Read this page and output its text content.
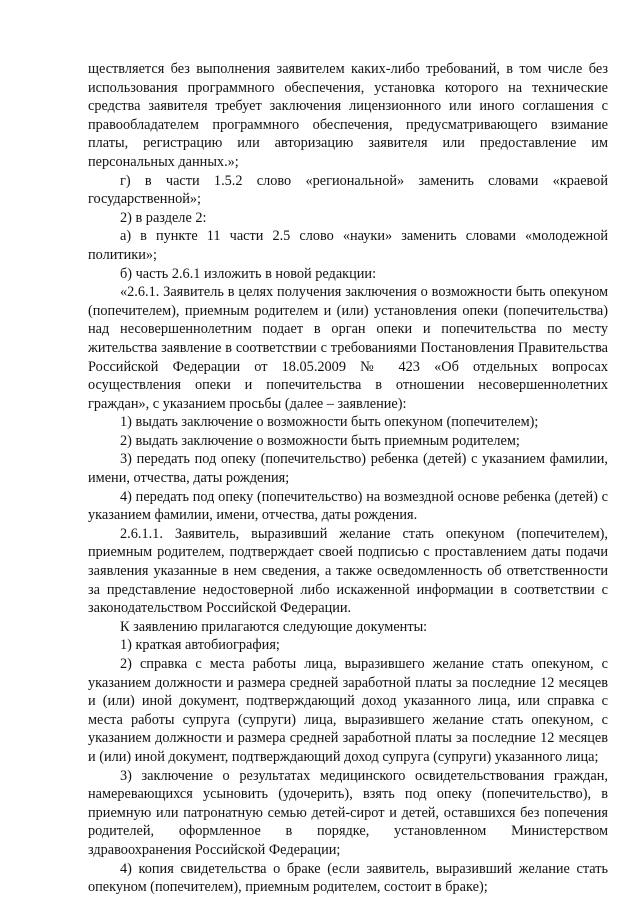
ществляется без выполнения заявителем каких-либо требований, в том числе без использования программного обеспечения, установка которого на технические средства заявителя требует заключения лицензионного или иного соглашения с правообладателем программного обеспечения, предусматривающего взимание платы, регистрацию или авторизацию заявителя или предоставление им персональных данных.»;

г) в части 1.5.2 слово «региональной» заменить словами «краевой государственной»;

2) в разделе 2:

а) в пункте 11 части 2.5 слово «науки» заменить словами «молодежной политики»;

б) часть 2.6.1 изложить в новой редакции:

«2.6.1. Заявитель в целях получения заключения о возможности быть опекуном (попечителем), приемным родителем и (или) установления опеки (попечительства) над несовершеннолетним подает в орган опеки и попечительства по месту жительства заявление в соответствии с требованиями Постановления Правительства Российской Федерации от 18.05.2009 № 423 «Об отдельных вопросах осуществления опеки и попечительства в отношении несовершеннолетних граждан», с указанием просьбы (далее – заявление):

1) выдать заключение о возможности быть опекуном (попечителем);

2) выдать заключение о возможности быть приемным родителем;

3) передать под опеку (попечительство) ребенка (детей) с указанием фамилии, имени, отчества, даты рождения;

4) передать под опеку (попечительство) на возмездной основе ребенка (детей) с указанием фамилии, имени, отчества, даты рождения.

2.6.1.1. Заявитель, выразивший желание стать опекуном (попечителем), приемным родителем, подтверждает своей подписью с проставлением даты подачи заявления указанные в нем сведения, а также осведомленность об ответственности за представление недостоверной либо искаженной информации в соответствии с законодательством Российской Федерации.

К заявлению прилагаются следующие документы:

1) краткая автобиография;

2) справка с места работы лица, выразившего желание стать опекуном, с указанием должности и размера средней заработной платы за последние 12 месяцев и (или) иной документ, подтверждающий доход указанного лица, или справка с места работы супруга (супруги) лица, выразившего желание стать опекуном, с указанием должности и размера средней заработной платы за последние 12 месяцев и (или) иной документ, подтверждающий доход супруга (супруги) указанного лица;

3) заключение о результатах медицинского освидетельствования граждан, намеревающихся усыновить (удочерить), взять под опеку (попечительство), в приемную или патронатную семью детей-сирот и детей, оставшихся без попечения родителей, оформленное в порядке, установленном Министерством здравоохранения Российской Федерации;

4) копия свидетельства о браке (если заявитель, выразивший желание стать опекуном (попечителем), приемным родителем, состоит в браке);
